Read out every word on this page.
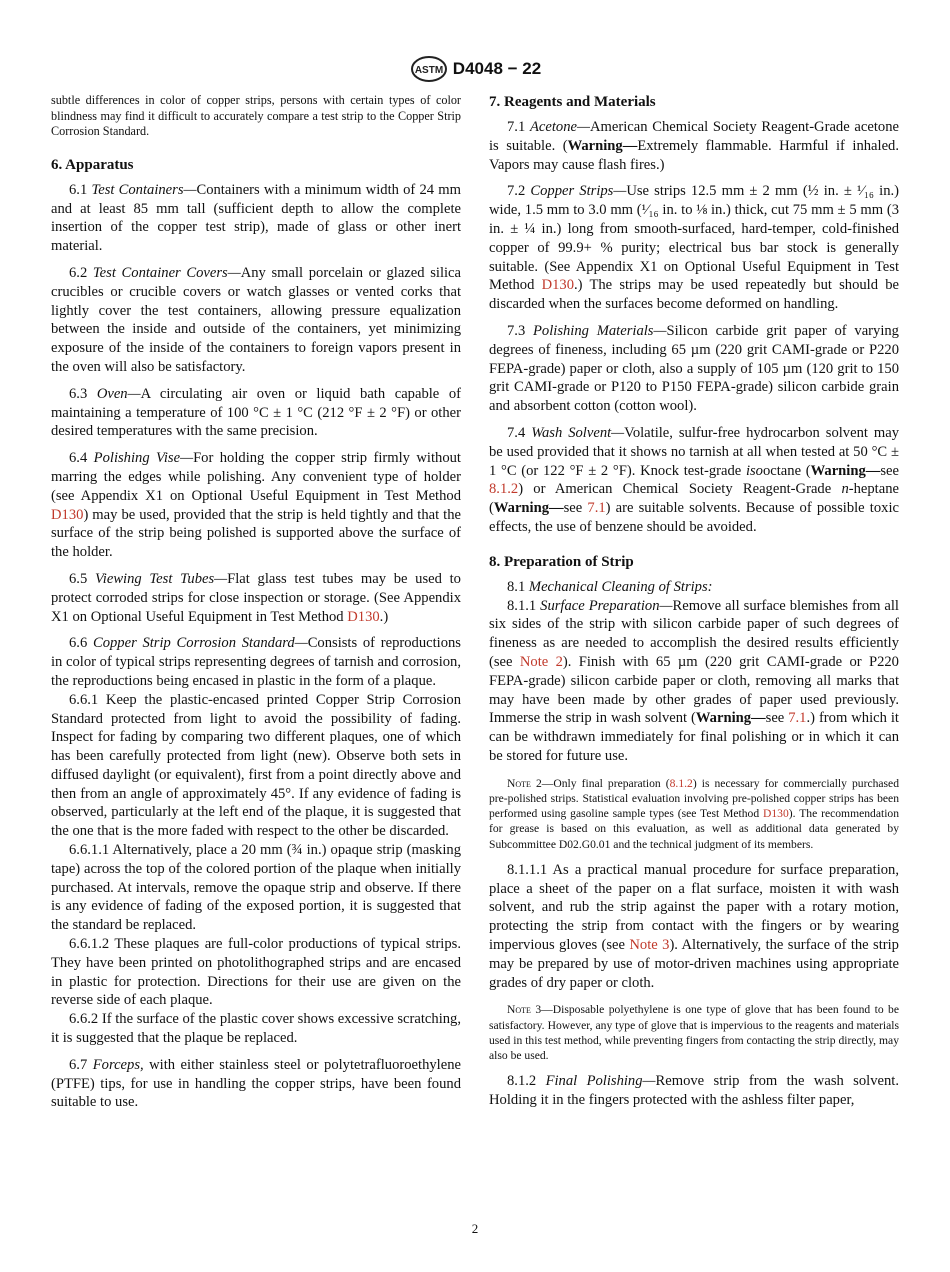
ASTM D4048 − 22

subtle differences in color of copper strips, persons with certain types of color blindness may find it difficult to accurately compare a test strip to the Copper Strip Corrosion Standard.

6. Apparatus

6.1 Test Containers—Containers with a minimum width of 24 mm and at least 85 mm tall (sufficient depth to allow the complete insertion of the copper test strip), made of glass or other inert material.

6.2 Test Container Covers—Any small porcelain or glazed silica crucibles or crucible covers or watch glasses or vented corks that lightly cover the test containers, allowing pressure equalization between the inside and outside of the containers, yet minimizing exposure of the inside of the containers to foreign vapors present in the oven will also be satisfactory.

6.3 Oven—A circulating air oven or liquid bath capable of maintaining a temperature of 100 °C ± 1 °C (212 °F ± 2 °F) or other desired temperatures with the same precision.

6.4 Polishing Vise—For holding the copper strip firmly without marring the edges while polishing. Any convenient type of holder (see Appendix X1 on Optional Useful Equipment in Test Method D130) may be used, provided that the strip is held tightly and that the surface of the strip being polished is supported above the surface of the holder.

6.5 Viewing Test Tubes—Flat glass test tubes may be used to protect corroded strips for close inspection or storage. (See Appendix X1 on Optional Useful Equipment in Test Method D130.)

6.6 Copper Strip Corrosion Standard—Consists of reproductions in color of typical strips representing degrees of tarnish and corrosion, the reproductions being encased in plastic in the form of a plaque.

6.6.1 Keep the plastic-encased printed Copper Strip Corrosion Standard protected from light to avoid the possibility of fading. Inspect for fading by comparing two different plaques, one of which has been carefully protected from light (new). Observe both sets in diffused daylight (or equivalent), first from a point directly above and then from an angle of approximately 45°. If any evidence of fading is observed, particularly at the left end of the plaque, it is suggested that the one that is the more faded with respect to the other be discarded.

6.6.1.1 Alternatively, place a 20 mm (¾ in.) opaque strip (masking tape) across the top of the colored portion of the plaque when initially purchased. At intervals, remove the opaque strip and observe. If there is any evidence of fading of the exposed portion, it is suggested that the standard be replaced.

6.6.1.2 These plaques are full-color productions of typical strips. They have been printed on photolithographed strips and are encased in plastic for protection. Directions for their use are given on the reverse side of each plaque.

6.6.2 If the surface of the plastic cover shows excessive scratching, it is suggested that the plaque be replaced.

6.7 Forceps, with either stainless steel or polytetrafluoroethylene (PTFE) tips, for use in handling the copper strips, have been found suitable to use.

7. Reagents and Materials

7.1 Acetone—American Chemical Society Reagent-Grade acetone is suitable. (Warning—Extremely flammable. Harmful if inhaled. Vapors may cause flash fires.)

7.2 Copper Strips—Use strips 12.5 mm ± 2 mm (½ in. ± ¹⁄₁₆ in.) wide, 1.5 mm to 3.0 mm (¹⁄₁₆ in. to ⅛ in.) thick, cut 75 mm ± 5 mm (3 in. ± ¼ in.) long from smooth-surfaced, hard-temper, cold-finished copper of 99.9+ % purity; electrical bus bar stock is generally suitable. (See Appendix X1 on Optional Useful Equipment in Test Method D130.) The strips may be used repeatedly but should be discarded when the surfaces become deformed on handling.

7.3 Polishing Materials—Silicon carbide grit paper of varying degrees of fineness, including 65 µm (220 grit CAMI-grade or P220 FEPA-grade) paper or cloth, also a supply of 105 µm (120 grit to 150 grit CAMI-grade or P120 to P150 FEPA-grade) silicon carbide grain and absorbent cotton (cotton wool).

7.4 Wash Solvent—Volatile, sulfur-free hydrocarbon solvent may be used provided that it shows no tarnish at all when tested at 50 °C ± 1 °C (or 122 °F ± 2 °F). Knock test-grade isooctane (Warning—see 8.1.2) or American Chemical Society Reagent-Grade n-heptane (Warning—see 7.1) are suitable solvents. Because of possible toxic effects, the use of benzene should be avoided.

8. Preparation of Strip

8.1 Mechanical Cleaning of Strips:

8.1.1 Surface Preparation—Remove all surface blemishes from all six sides of the strip with silicon carbide paper of such degrees of fineness as are needed to accomplish the desired results efficiently (see Note 2). Finish with 65 µm (220 grit CAMI-grade or P220 FEPA-grade) silicon carbide paper or cloth, removing all marks that may have been made by other grades of paper used previously. Immerse the strip in wash solvent (Warning—see 7.1.) from which it can be withdrawn immediately for final polishing or in which it can be stored for future use.

Note 2—Only final preparation (8.1.2) is necessary for commercially purchased pre-polished strips. Statistical evaluation involving pre-polished copper strips has been performed using gasoline sample types (see Test Method D130). The recommendation for grease is based on this evaluation, as well as additional data generated by Subcommittee D02.G0.01 and the technical judgment of its members.

8.1.1.1 As a practical manual procedure for surface preparation, place a sheet of the paper on a flat surface, moisten it with wash solvent, and rub the strip against the paper with a rotary motion, protecting the strip from contact with the fingers or by wearing impervious gloves (see Note 3). Alternatively, the surface of the strip may be prepared by use of motor-driven machines using appropriate grades of dry paper or cloth.

Note 3—Disposable polyethylene is one type of glove that has been found to be satisfactory. However, any type of glove that is impervious to the reagents and materials used in this test method, while preventing fingers from contacting the strip directly, may also be used.

8.1.2 Final Polishing—Remove strip from the wash solvent. Holding it in the fingers protected with the ashless filter paper,

2
